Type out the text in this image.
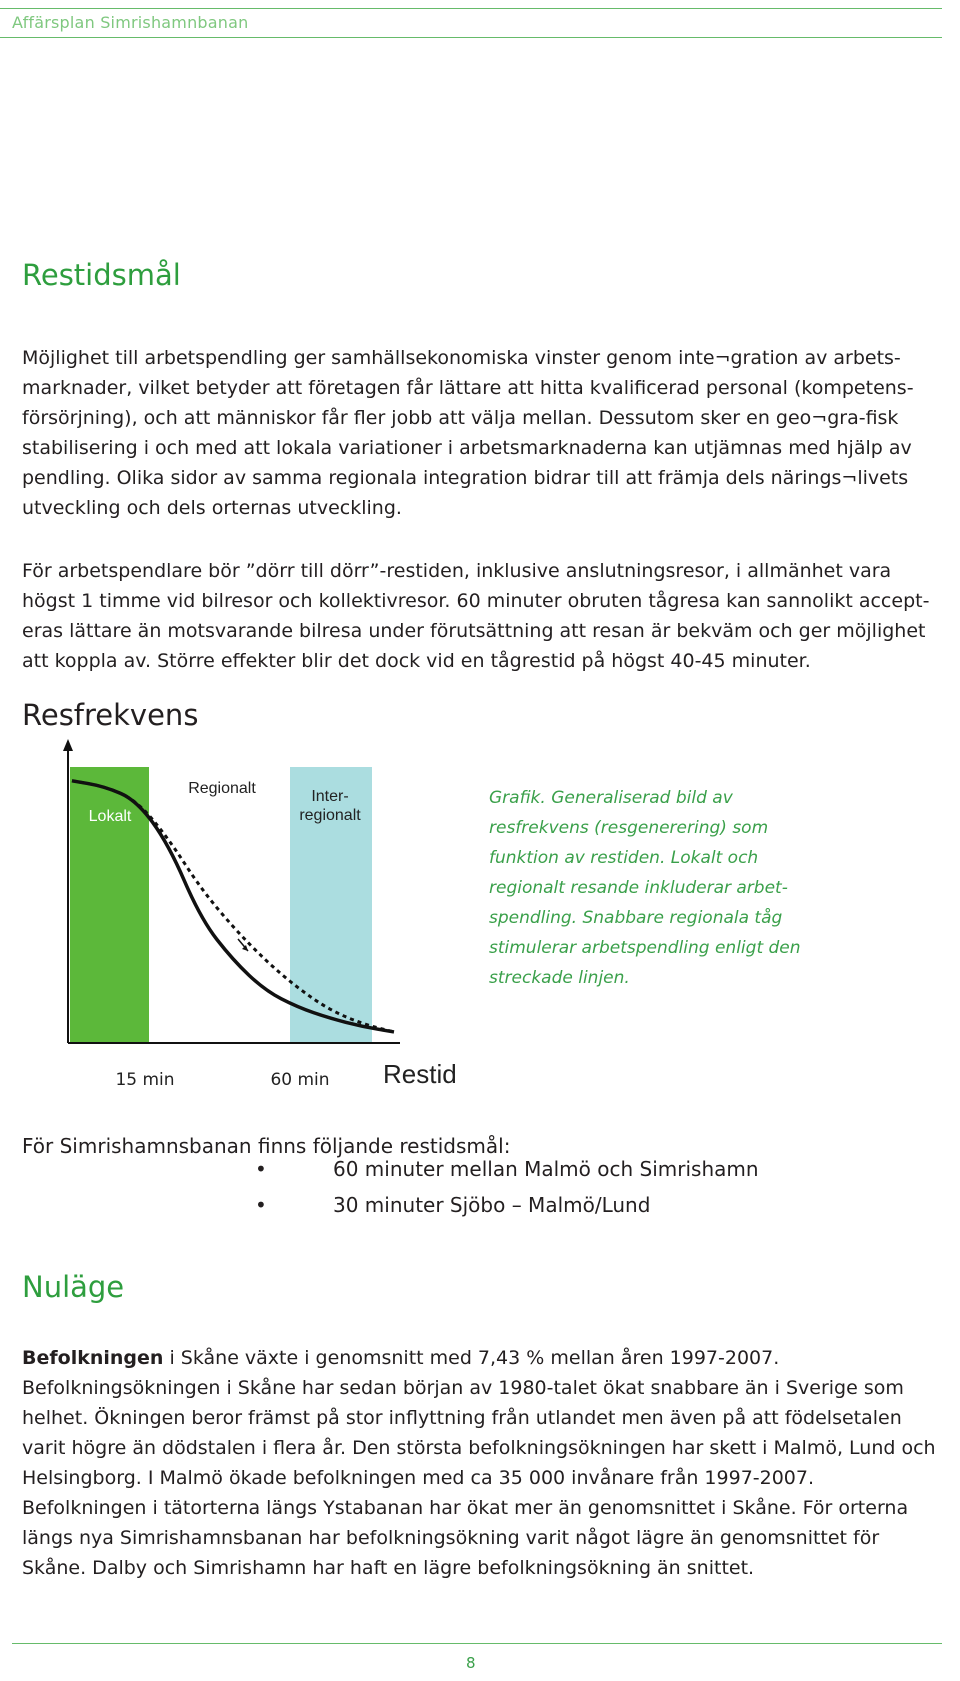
Affärsplan Simrishamnbanan
Restidsmål

Möjlighet till arbetspendling ger samhällsekonomiska vinster genom inte¬gration av arbets-marknader, vilket betyder att företagen får lättare att hitta kvalificerad personal (kompetens-försörjning), och att människor får fler jobb att välja mellan. Dessutom sker en geo¬gra-fisk stabilisering i och med att lokala variationer i arbetsmarknaderna kan utjämnas med hjälp av pendling. Olika sidor av samma regionala integration bidrar till att främja dels närings¬livets utveckling och dels orternas utveckling.

För arbetspendlare bör ”dörr till dörr”-restiden, inklusive anslutningsresor, i allmänhet vara högst 1 timme vid bilresor och kollektivresor. 60 minuter obruten tågresa kan sannolikt accept-eras lättare än motsvarande bilresa under förutsättning att resan är bekväm och ger möjlighet att koppla av. Större effekter blir det dock vid en tågrestid på högst 40-45 minuter.

Resfrekvens
Lokalt
Regionalt	Inter-regionalt
15 min	60 min Restid

Grafik. Generaliserad bild av resfrekvens (resgenerering) som funktion av restiden. Lokalt och regionalt resande inkluderar arbet-spendling. Snabbare regionala tåg stimulerar arbetspendling enligt den streckade linjen.

För Simrishamnsbanan finns följande restidsmål:

•	60 minuter mellan Malmö och Simrishamn
•	30 minuter Sjöbo – Malmö/Lund
Nuläge

Befolkningen i Skåne växte i genomsnitt med 7,43 % mellan åren 1997-2007. Befolkningsökningen i Skåne har sedan början av 1980-talet ökat snabbare än i Sverige som helhet. Ökningen beror främst på stor inflyttning från utlandet men även på att födelsetalen varit högre än dödstalen i flera år. Den största befolkningsökningen har skett i Malmö, Lund och Helsingborg. I Malmö ökade befolkningen med ca 35 000 invånare från 1997-2007. Befolkningen i tätorterna längs Ystabanan har ökat mer än genomsnittet i Skåne. För orterna längs nya Simrishamnsbanan har befolkningsökning varit något lägre än genomsnittet för Skåne. Dalby och Simrishamn har haft en lägre befolkningsökning än snittet.

8
